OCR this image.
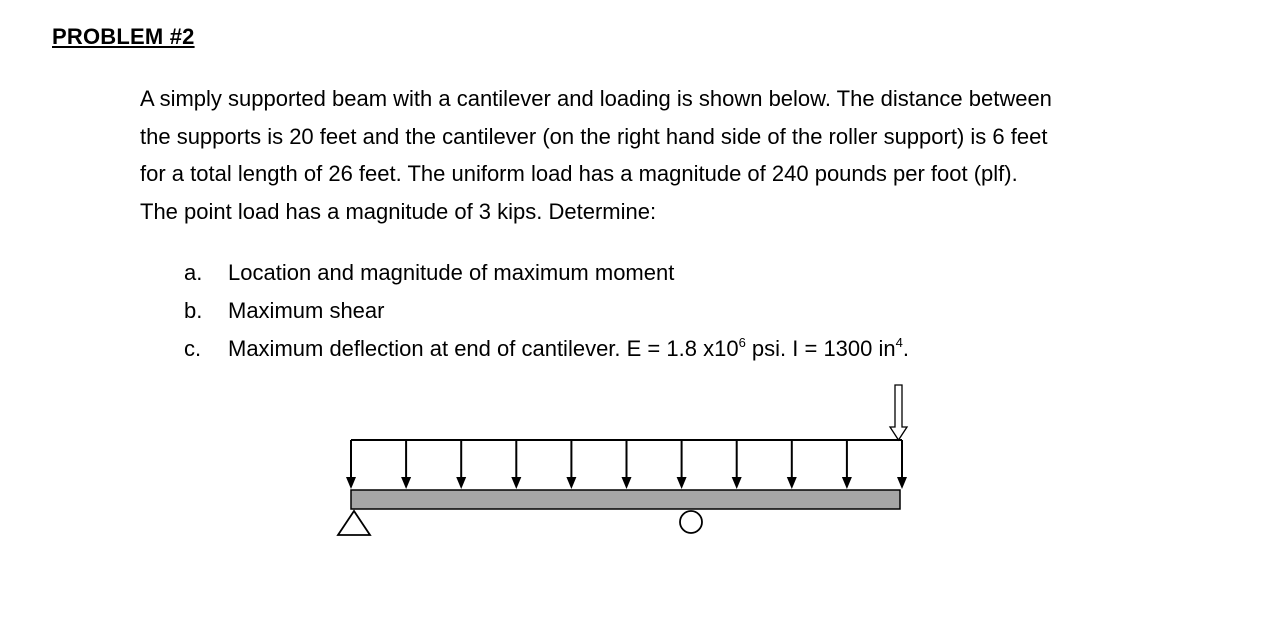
PROBLEM #2
A simply supported beam with a cantilever and loading is shown below. The distance between
the supports is 20 feet and the cantilever (on the right hand side of the roller support) is 6 feet
for a total length of 26 feet. The uniform load has a magnitude of 240 pounds per foot (plf).
The point load has a magnitude of 3 kips. Determine:
a. Location and magnitude of maximum moment
b. Maximum shear
c. Maximum deflection at end of cantilever. E = 1.8 $x10^6$ psi. I = 1300 $in^4$.
